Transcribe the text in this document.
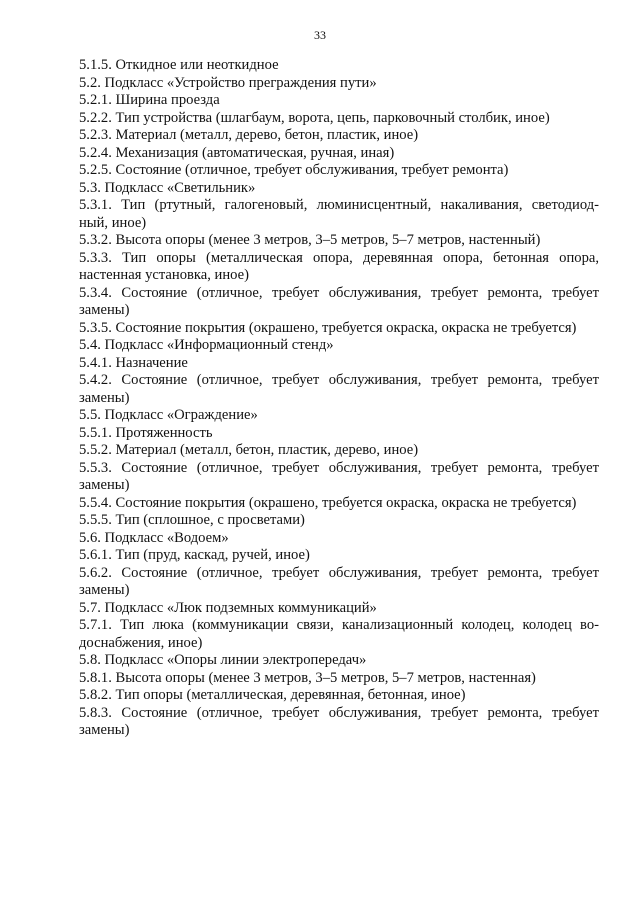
33
5.1.5. Откидное или неоткидное
5.2. Подкласс «Устройство преграждения пути»
5.2.1. Ширина проезда
5.2.2. Тип устройства (шлагбаум, ворота, цепь, парковочный столбик, иное)
5.2.3. Материал (металл, дерево, бетон, пластик, иное)
5.2.4. Механизация (автоматическая, ручная, иная)
5.2.5. Состояние (отличное, требует обслуживания, требует ремонта)
5.3. Подкласс «Светильник»
5.3.1. Тип (ртутный, галогеновый, люминисцентный, накаливания, светодиод-
ный, иное)
5.3.2. Высота опоры (менее 3 метров, 3–5 метров, 5–7 метров, настенный)
5.3.3. Тип опоры (металлическая опора, деревянная опора, бетонная опора,
настенная установка, иное)
5.3.4. Состояние (отличное, требует обслуживания, требует ремонта, требует
замены)
5.3.5. Состояние покрытия (окрашено, требуется окраска, окраска не требуется)
5.4. Подкласс «Информационный стенд»
5.4.1. Назначение
5.4.2. Состояние (отличное, требует обслуживания, требует ремонта, требует
замены)
5.5. Подкласс «Ограждение»
5.5.1. Протяженность
5.5.2. Материал (металл, бетон, пластик, дерево, иное)
5.5.3. Состояние (отличное, требует обслуживания, требует ремонта, требует
замены)
5.5.4. Состояние покрытия (окрашено, требуется окраска, окраска не требуется)
5.5.5. Тип (сплошное, с просветами)
5.6. Подкласс «Водоем»
5.6.1. Тип (пруд, каскад, ручей, иное)
5.6.2. Состояние (отличное, требует обслуживания, требует ремонта, требует
замены)
5.7. Подкласс «Люк подземных коммуникаций»
5.7.1. Тип люка (коммуникации связи, канализационный колодец, колодец во-
доснабжения, иное)
5.8. Подкласс «Опоры линии электропередач»
5.8.1. Высота опоры (менее 3 метров, 3–5 метров, 5–7 метров, настенная)
5.8.2. Тип опоры (металлическая, деревянная, бетонная, иное)
5.8.3. Состояние (отличное, требует обслуживания, требует ремонта, требует
замены)
